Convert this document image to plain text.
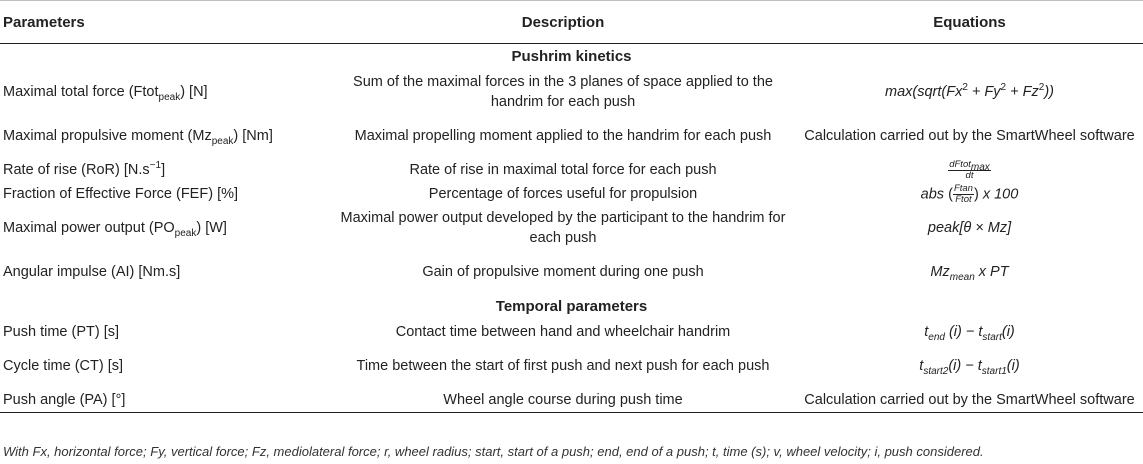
Parameters	Description	Equations
Pushrim kinetics		
Maximal total force (Ftot$_{peak}$) [N]	Sum of the maximal forces in the 3 planes of space applied to the handrim for each push	$\max(sqrt(Fx^2 + Fy^2 + Fz^2))$
Maximal propulsive moment $(Mz_{peak})$ [Nm]	Maximal propelling moment applied to the handrim for each push	Calculation carried out by the SmartWheel software
Rate of rise (RoR) $[N.s^{-1}]$	Rate of rise in maximal total force for each push	$\frac{dFtot_{max}}{dt}$

Fraction of Effective Force (FEF) [%]	Percentage of forces useful for propulsion	abs ( $\frac{Ftan}{\text{Ftot}}$ ) x 100
Maximal power output $(PO_{peak})$ [W]	Maximal power output developed by the participant to the handrim for each push	peak[θ × Mz]
Angular impulse (AI) [Nm.s]	Gain of propulsive moment during one push	$Mz_{mean}$ x PT
Temporal parameters		
Push time (PT) [s]	Contact time between hand and wheelchair handrim	$t_{end}$ $(i) - t_{start}(i)$
Cycle time (CT) [s]	Time between the start of first push and next push for each push	$t_{start2}(i) - t_{start1}(i)$
Push angle (PA) [°]	Wheel angle course during push time	Calculation carried out by the SmartWheel software
With Fx, horizontal force; Fy, vertical force; Fz, mediolateral force; r, wheel radius; start, start of a push; end, end of a push; t, time (s); v, wheel velocity; i, push considered.
